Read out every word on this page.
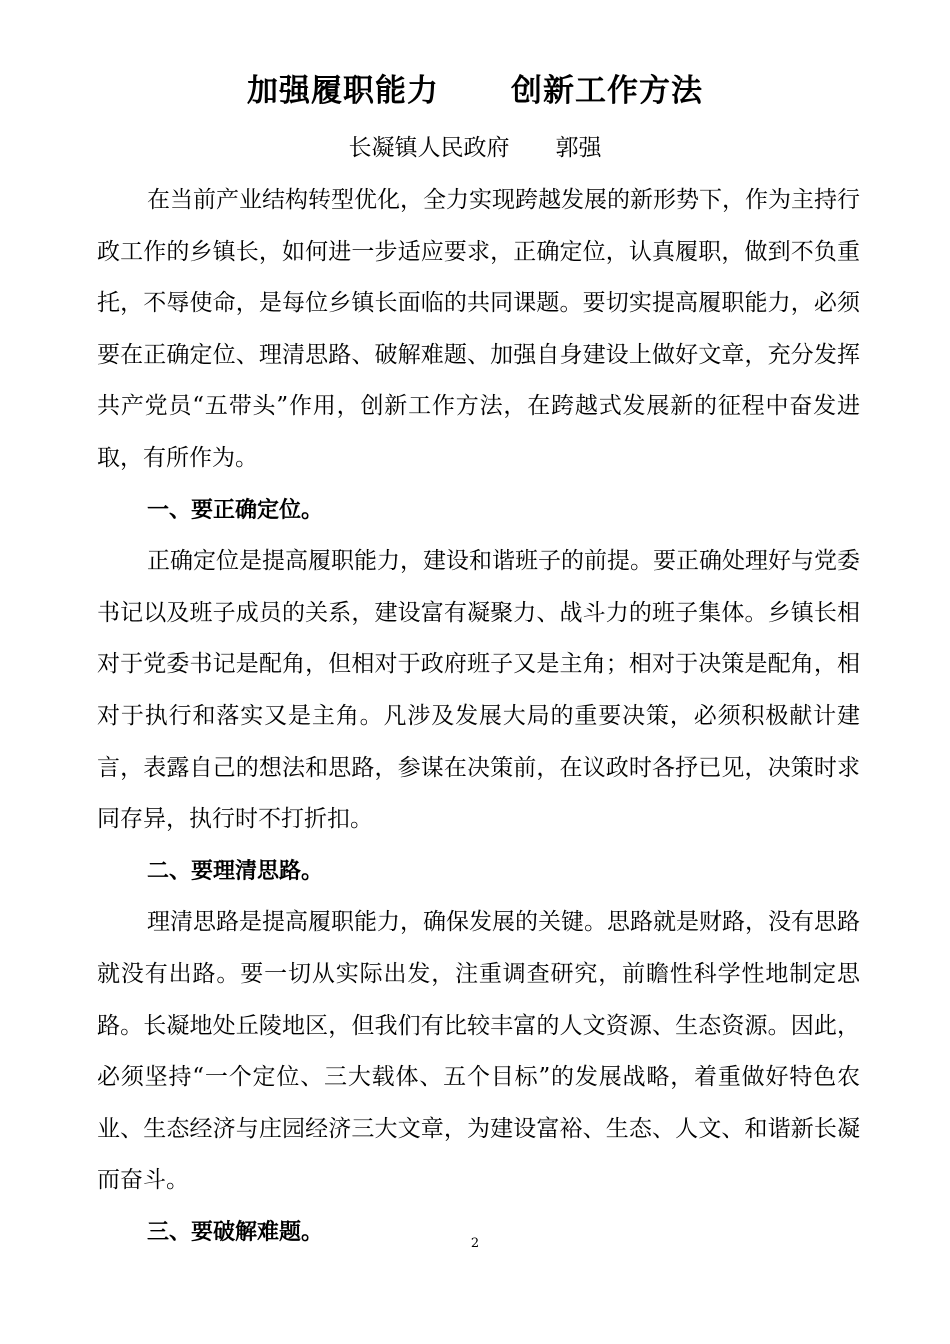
加强履职能力 创新工作方法
长凝镇人民政府 郭强

在当前产业结构转型优化，全力实现跨越发展的新形势下，作为主持行政工作的乡镇长，如何进一步适应要求，正确定位，认真履职，做到不负重托，不辱使命，是每位乡镇长面临的共同课题。要切实提高履职能力，必须要在正确定位、理清思路、破解难题、加强自身建设上做好文章，充分发挥共产党员“五带头”作用，创新工作方法，在跨越式发展新的征程中奋发进取，有所作为。

一、要正确定位。

正确定位是提高履职能力，建设和谐班子的前提。要正确处理好与党委书记以及班子成员的关系，建设富有凝聚力、战斗力的班子集体。乡镇长相对于党委书记是配角，但相对于政府班子又是主角；相对于决策是配角，相对于执行和落实又是主角。凡涉及发展大局的重要决策，必须积极献计建言，表露自己的想法和思路，参谋在决策前，在议政时各抒已见，决策时求同存异，执行时不打折扣。

二、要理清思路。

理清思路是提高履职能力，确保发展的关键。思路就是财路，没有思路就没有出路。要一切从实际出发，注重调查研究，前瞻性科学性地制定思路。长凝地处丘陵地区，但我们有比较丰富的人文资源、生态资源。因此，必须坚持“一个定位、三大载体、五个目标”的发展战略，着重做好特色农业、生态经济与庄园经济三大文章，为建设富裕、生态、人文、和谐新长凝而奋斗。

三、要破解难题。	2
